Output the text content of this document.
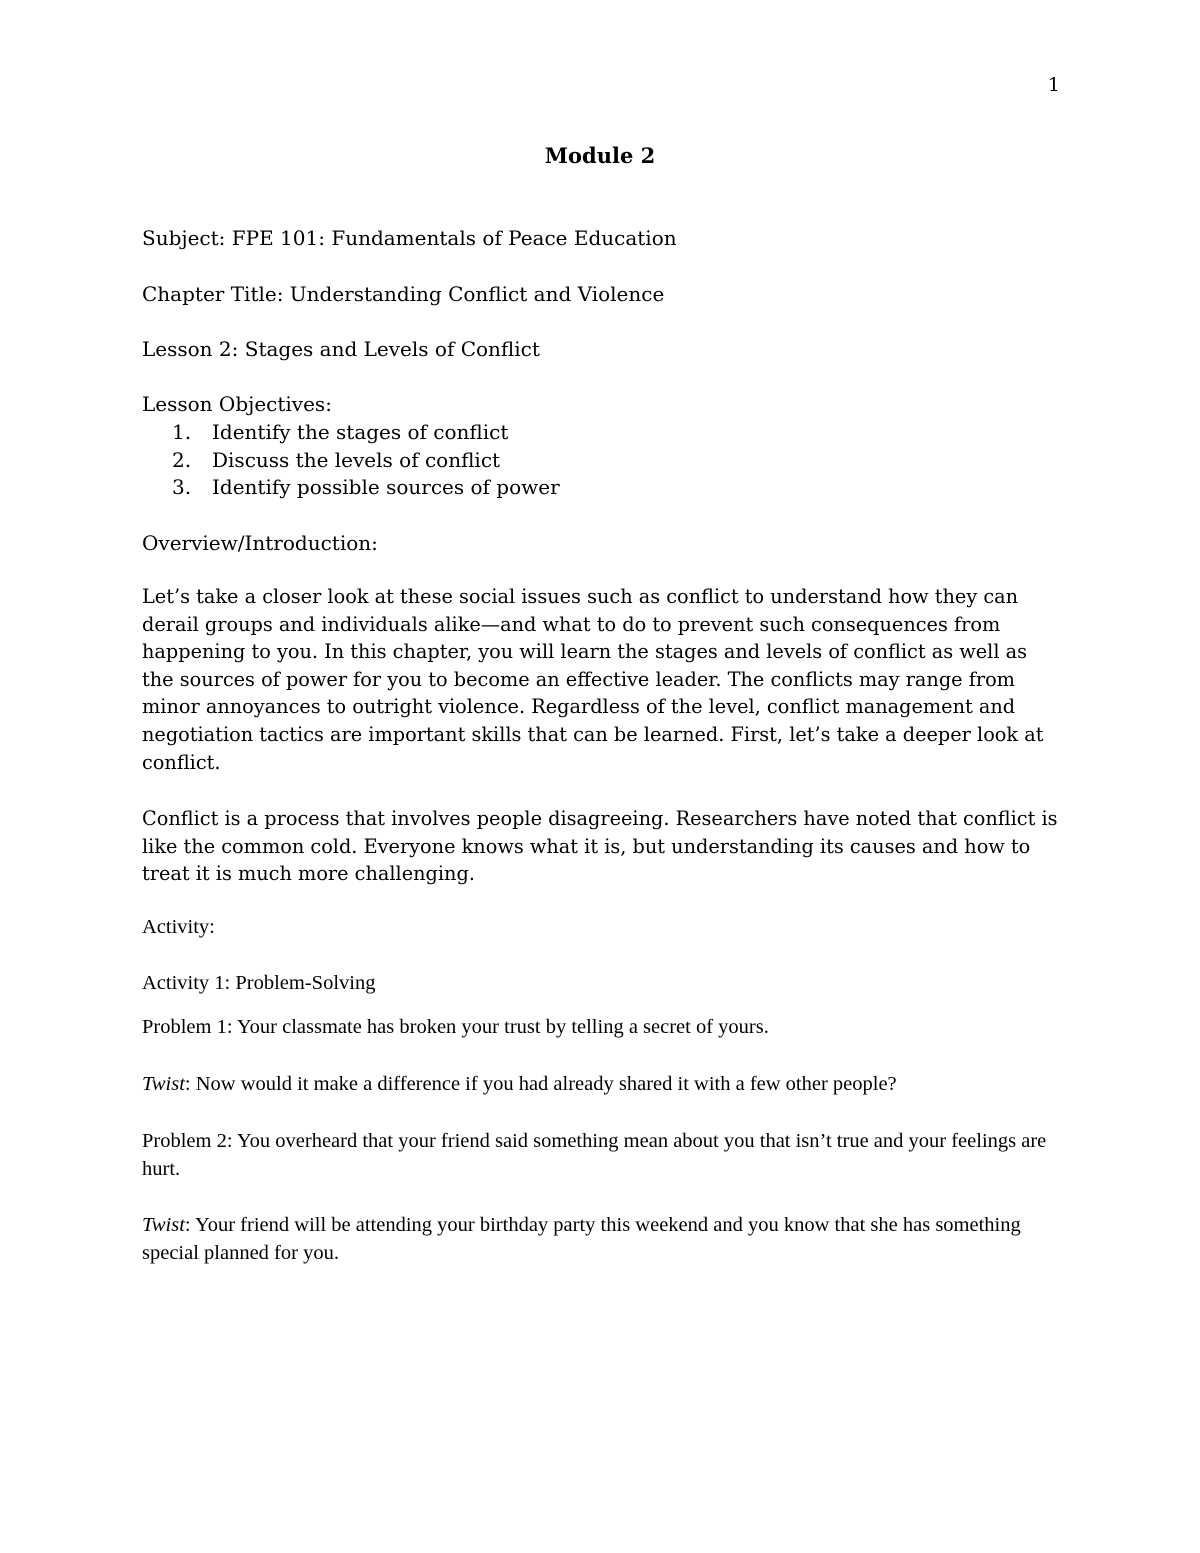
1
Module 2
Subject: FPE 101: Fundamentals of Peace Education
Chapter Title: Understanding Conflict and Violence
Lesson 2: Stages and Levels of Conflict
Lesson Objectives:
1. Identify the stages of conflict
2. Discuss the levels of conflict
3. Identify possible sources of power
Overview/Introduction:

Let’s take a closer look at these social issues such as conflict to understand how they can derail groups and individuals alike—and what to do to prevent such consequences from happening to you. In this chapter, you will learn the stages and levels of conflict as well as the sources of power for you to become an effective leader. The conflicts may range from minor annoyances to outright violence. Regardless of the level, conflict management and negotiation tactics are important skills that can be learned. First, let’s take a deeper look at conflict.

Conflict is a process that involves people disagreeing. Researchers have noted that conflict is like the common cold. Everyone knows what it is, but understanding its causes and how to treat it is much more challenging.

Activity:
Activity 1: Problem-Solving
Problem 1: Your classmate has broken your trust by telling a secret of yours.
Twist: Now would it make a difference if you had already shared it with a few other people?

Problem 2: You overheard that your friend said something mean about you that isn’t true and your feelings are hurt.

Twist: Your friend will be attending your birthday party this weekend and you know that she has something special planned for you.
